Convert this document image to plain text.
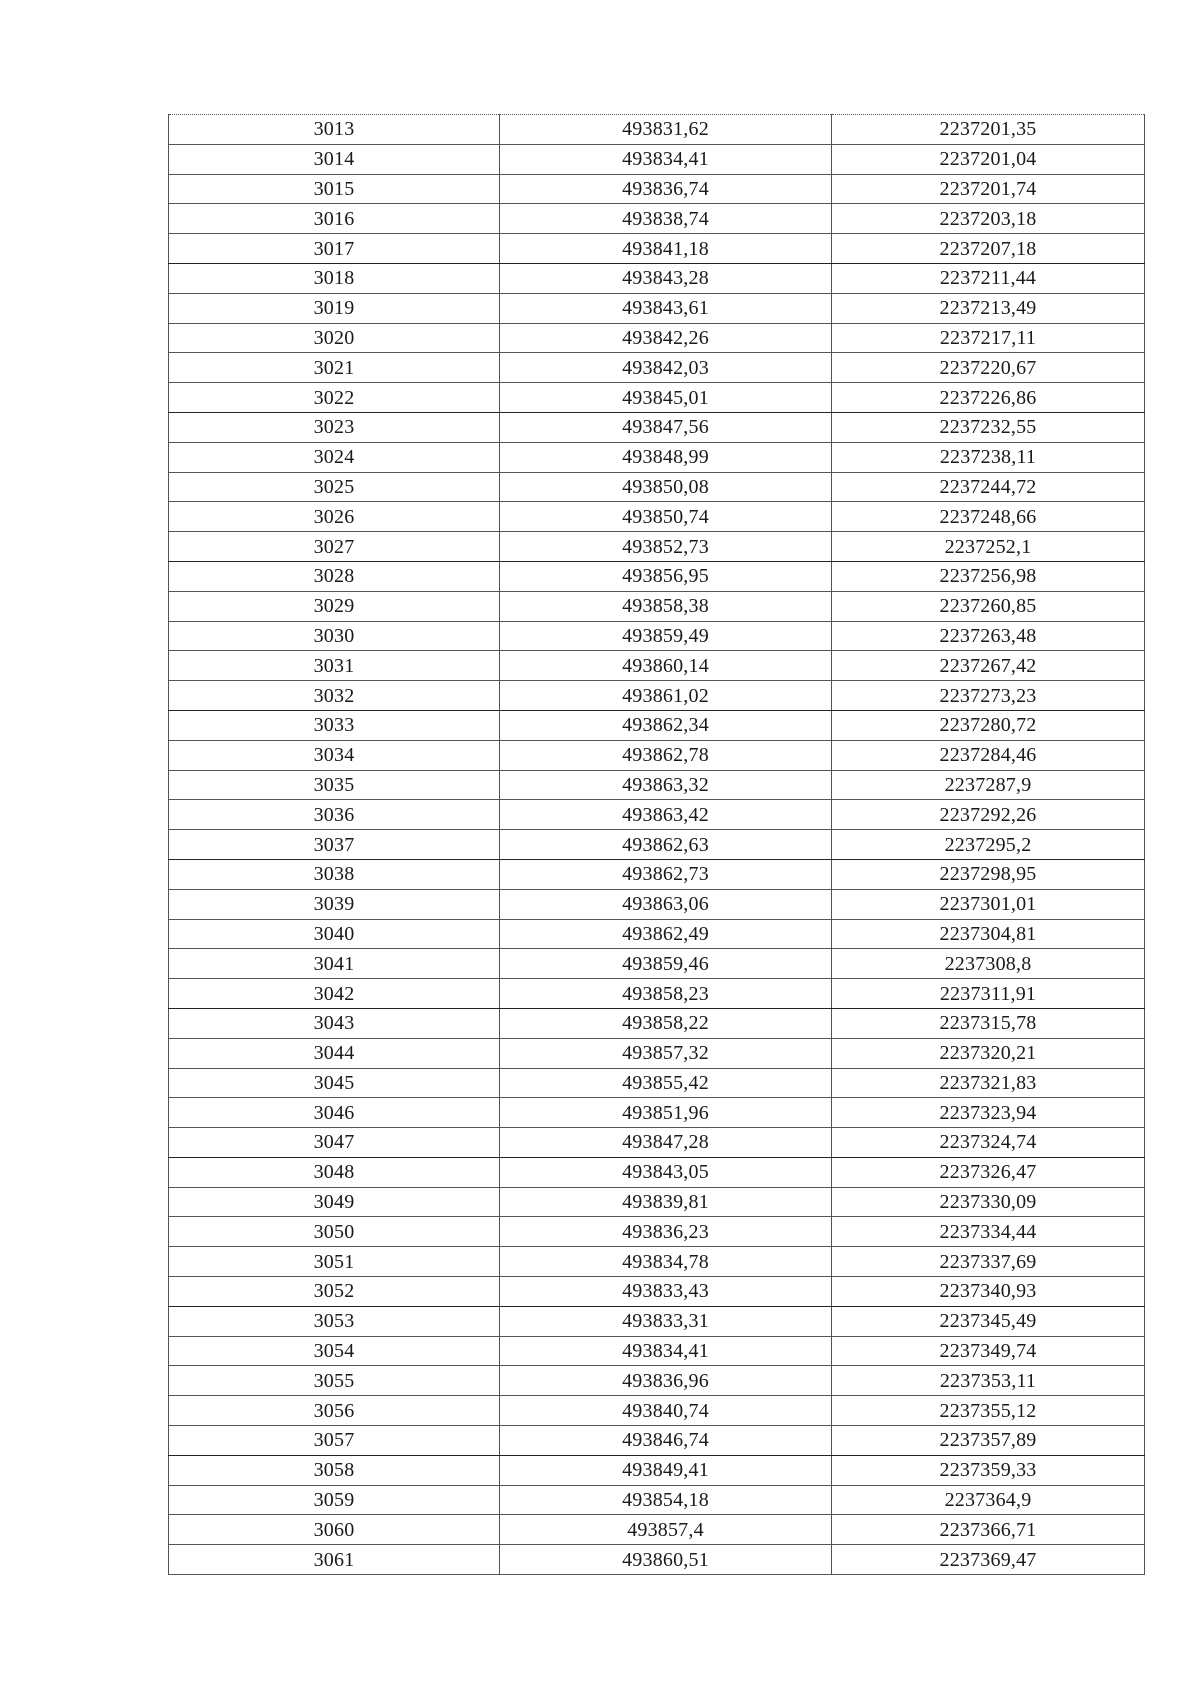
3013	493831,62	2237201,35
3014	493834,41	2237201,04
3015	493836,74	2237201,74
3016	493838,74	2237203,18
3017	493841,18	2237207,18
3018	493843,28	2237211,44
3019	493843,61	2237213,49
3020	493842,26	2237217,11
3021	493842,03	2237220,67
3022	493845,01	2237226,86
3023	493847,56	2237232,55
3024	493848,99	2237238,11
3025	493850,08	2237244,72
3026	493850,74	2237248,66
3027	493852,73	2237252,1
3028	493856,95	2237256,98
3029	493858,38	2237260,85
3030	493859,49	2237263,48
3031	493860,14	2237267,42
3032	493861,02	2237273,23
3033	493862,34	2237280,72
3034	493862,78	2237284,46
3035	493863,32	2237287,9
3036	493863,42	2237292,26
3037	493862,63	2237295,2
3038	493862,73	2237298,95
3039	493863,06	2237301,01
3040	493862,49	2237304,81
3041	493859,46	2237308,8
3042	493858,23	2237311,91
3043	493858,22	2237315,78
3044	493857,32	2237320,21
3045	493855,42	2237321,83
3046	493851,96	2237323,94
3047	493847,28	2237324,74
3048	493843,05	2237326,47
3049	493839,81	2237330,09
3050	493836,23	2237334,44
3051	493834,78	2237337,69
3052	493833,43	2237340,93
3053	493833,31	2237345,49
3054	493834,41	2237349,74
3055	493836,96	2237353,11
3056	493840,74	2237355,12
3057	493846,74	2237357,89
3058	493849,41	2237359,33
3059	493854,18	2237364,9
3060	493857,4	2237366,71
3061	493860,51	2237369,47
